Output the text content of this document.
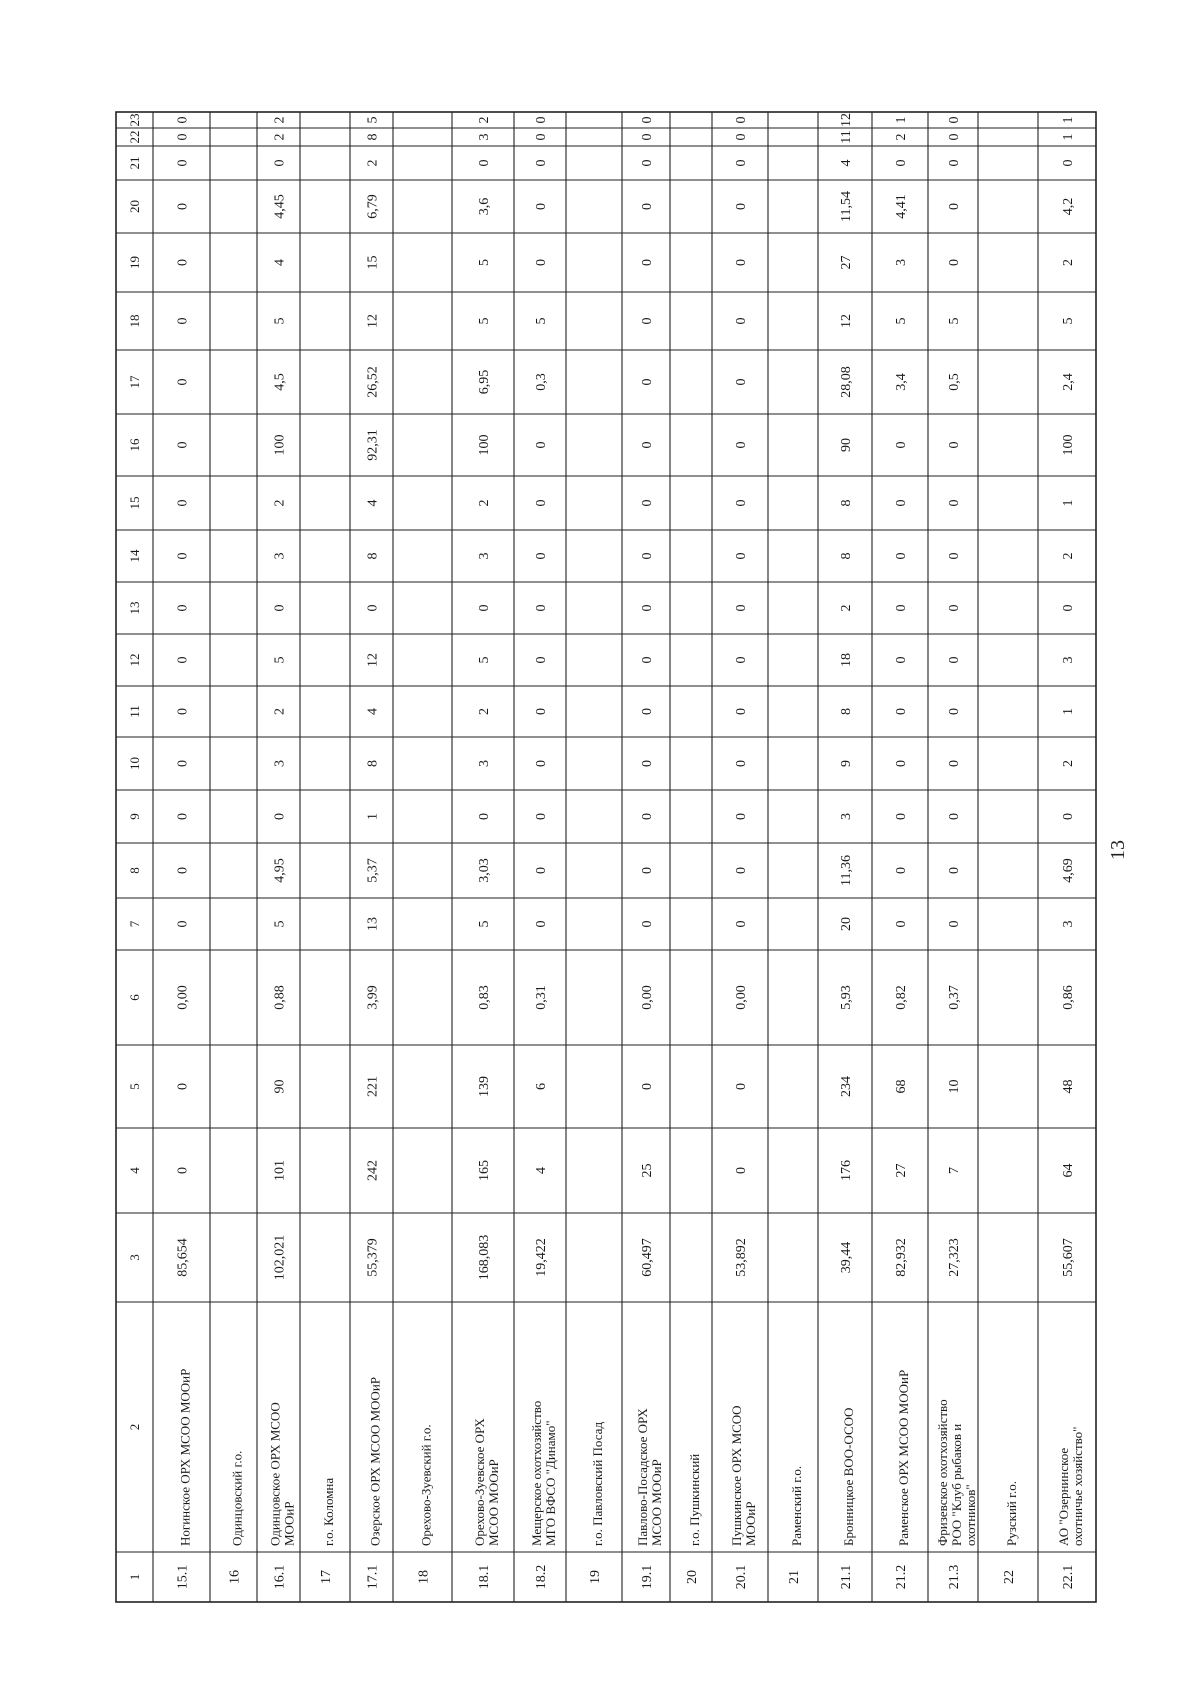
1
2
3
4
5
6
7
8
9
10
11
12
13
14
15
16
17
18
19
20
21
22
23
15.1
Ногинское ОРХ МСОО МООиР
85,654
0
0
0,00
0
0
0
0
0
0
0
0
0
0
0
0
0
0
0
0
0
16
Одинцовский г.о.
16.1
Одинцовское ОРХ МСООМООиР
102,021
101
90
0,88
5
4,95
0
3
2
5
0
3
2
100
4,5
5
4
4,45
0
2
2
17
г.о. Коломна
17.1
Озерское ОРХ МСОО МООиР
55,379
242
221
3,99
13
5,37
1
8
4
12
0
8
4
92,31
26,52
12
15
6,79
2
8
5
18
Орехово-Зуевский г.о.
18.1
Орехово-Зуевское ОРХМСОО МООиР
168,083
165
139
0,83
5
3,03
0
3
2
5
0
3
2
100
6,95
5
5
3,6
0
3
2
18.2
Мещерское охотхозяйствоМГО ВФСО "Динамо"
19,422
4
6
0,31
0
0
0
0
0
0
0
0
0
0
0,3
5
0
0
0
0
0
19
г.о. Павловский Посад
19.1
Павлово-Посадское ОРХМСОО МООиР
60,497
25
0
0,00
0
0
0
0
0
0
0
0
0
0
0
0
0
0
0
0
0
20
г.о. Пушкинский
20.1
Пушкинское ОРХ МСООМООиР
53,892
0
0
0,00
0
0
0
0
0
0
0
0
0
0
0
0
0
0
0
0
0
21
Раменский г.о.
21.1
Бронницкое ВОО-ОСОО
39,44
176
234
5,93
20
11,36
3
9
8
18
2
8
8
90
28,08
12
27
11,54
4
11
12
21.2
Раменское ОРХ МСОО МООиР
82,932
27
68
0,82
0
0
0
0
0
0
0
0
0
0
3,4
5
3
4,41
0
2
1
21.3
Фризевское охотхозяйствоРОО "Клуб рыбаков иохотников"
27,323
7
10
0,37
0
0
0
0
0
0
0
0
0
0
0,5
5
0
0
0
0
0
22
Рузский г.о.
22.1
АО "Озернинскоеохотничье хозяйство"
55,607
64
48
0,86
3
4,69
0
2
1
3
0
2
1
100
2,4
5
2
4,2
0
1
1
13
